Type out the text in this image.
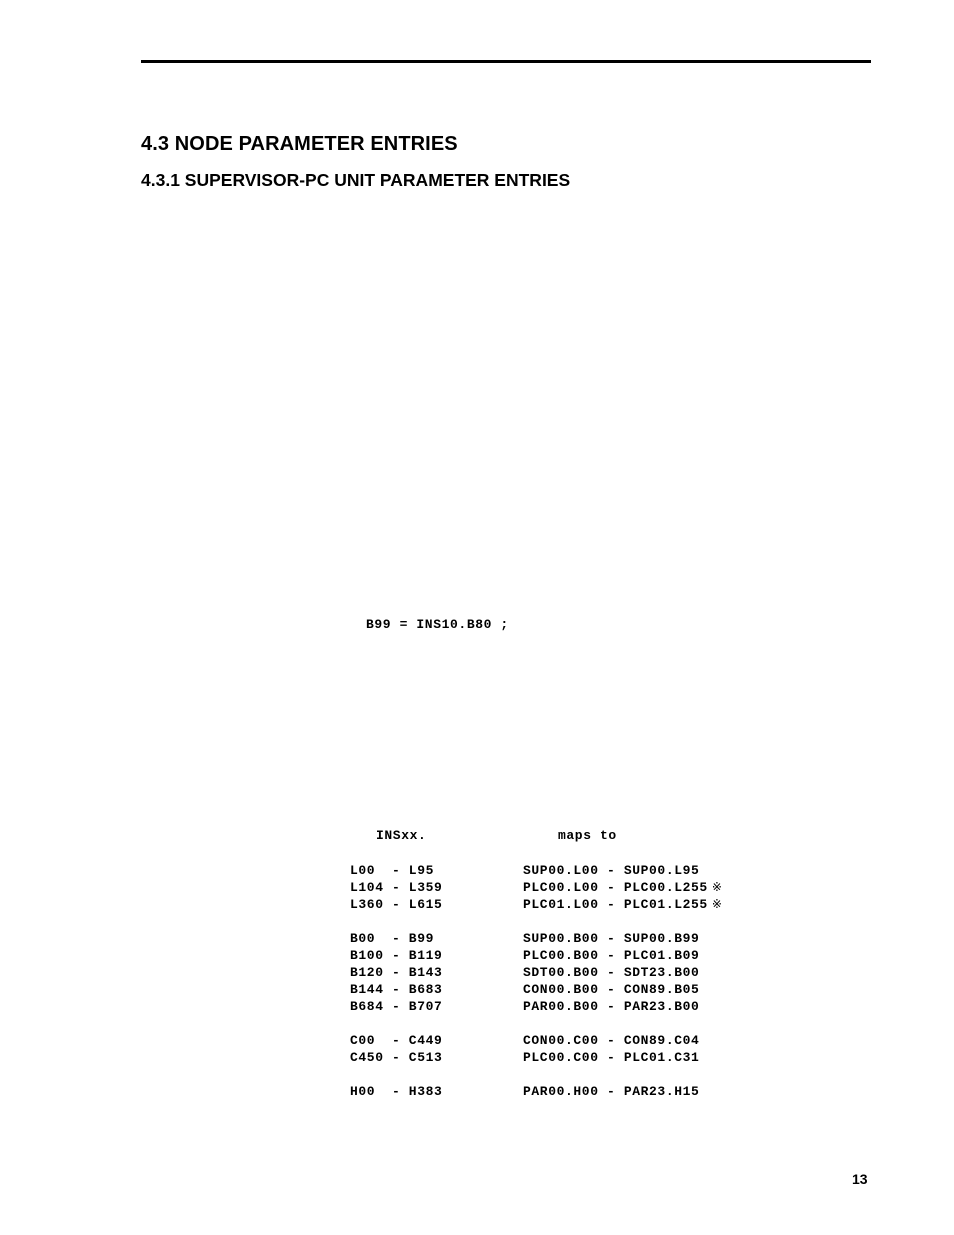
4.3 NODE PARAMETER ENTRIES
4.3.1 SUPERVISOR-PC UNIT PARAMETER ENTRIES
B99 = INS10.B80 ;
INSxx.	maps to
L00  - L95	SUP00.L00 - SUP00.L95
L104 - L359	PLC00.L00 - PLC00.L255 ※
L360 - L615	PLC01.L00 - PLC01.L255 ※
B00  - B99	SUP00.B00 - SUP00.B99
B100 - B119	PLC00.B00 - PLC01.B09
B120 - B143	SDT00.B00 - SDT23.B00
B144 - B683	CON00.B00 - CON89.B05
B684 - B707	PAR00.B00 - PAR23.B00
C00  - C449	CON00.C00 - CON89.C04
C450 - C513	PLC00.C00 - PLC01.C31
H00  - H383	PAR00.H00 - PAR23.H15
13
